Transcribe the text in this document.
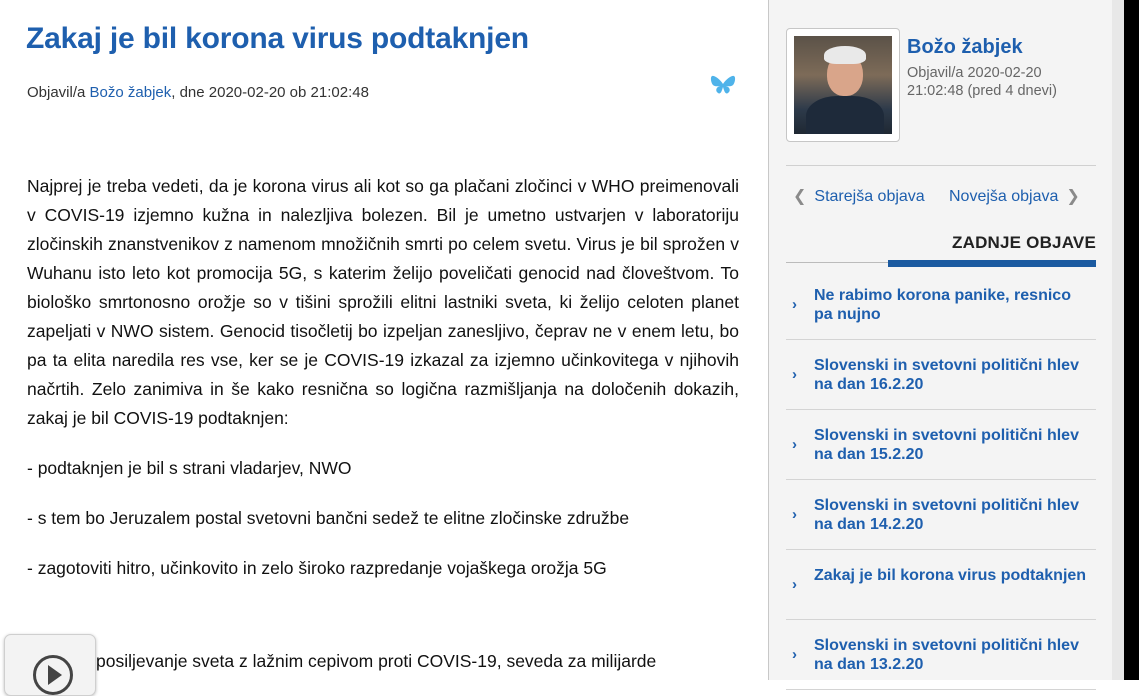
Zakaj je bil korona virus podtaknjen
Objavil/a Božo žabjek, dne 2020-02-20 ob 21:02:48

Najprej je treba vedeti, da je korona virus ali kot so ga plačani zločinci v WHO preimenovali v COVIS-19 izjemno kužna in nalezljiva bolezen. Bil je umetno ustvarjen v laboratoriju zločinskih znanstvenikov z namenom množičnih smrti po celem svetu. Virus je bil sprožen v Wuhanu isto leto kot promocija 5G, s katerim želijo poveličati genocid nad človeštvom. To biološko smrtonosno orožje so v tišini sprožili elitni lastniki sveta, ki želijo celoten planet zapeljati v NWO sistem. Genocid tisočletij bo izpeljan zanesljivo, čeprav ne v enem letu, bo pa ta elita naredila res vse, ker se je COVIS-19 izkazal za izjemno učinkovitega v njihovih načrtih. Zelo zanimiva in še kako resnična so logična razmišljanja na določenih dokazih, zakaj je bil COVIS-19 podtaknjen:

- podtaknjen je bil s strani vladarjev, NWO

- s tem bo Jeruzalem postal svetovni bančni sedež te elitne zločinske združbe

- zagotoviti hitro, učinkovito in zelo široko razpredanje vojaškega orožja 5G

posiljevanje sveta z lažnim cepivom proti COVIS-19, seveda za milijarde
Božo žabjek
Objavil/a 2020-02-20 21:02:48 (pred 4 dnevi)
❮ Starejša objava Novejša objava ❯
ZADNJE OBJAVE
›
Ne rabimo korona panike, resnico pa nujno
›
Slovenski in svetovni politični hlev na dan 16.2.20
›
Slovenski in svetovni politični hlev na dan 15.2.20
›
Slovenski in svetovni politični hlev na dan 14.2.20
›
Zakaj je bil korona virus podtaknjen
›
Slovenski in svetovni politični hlev na dan 13.2.20
